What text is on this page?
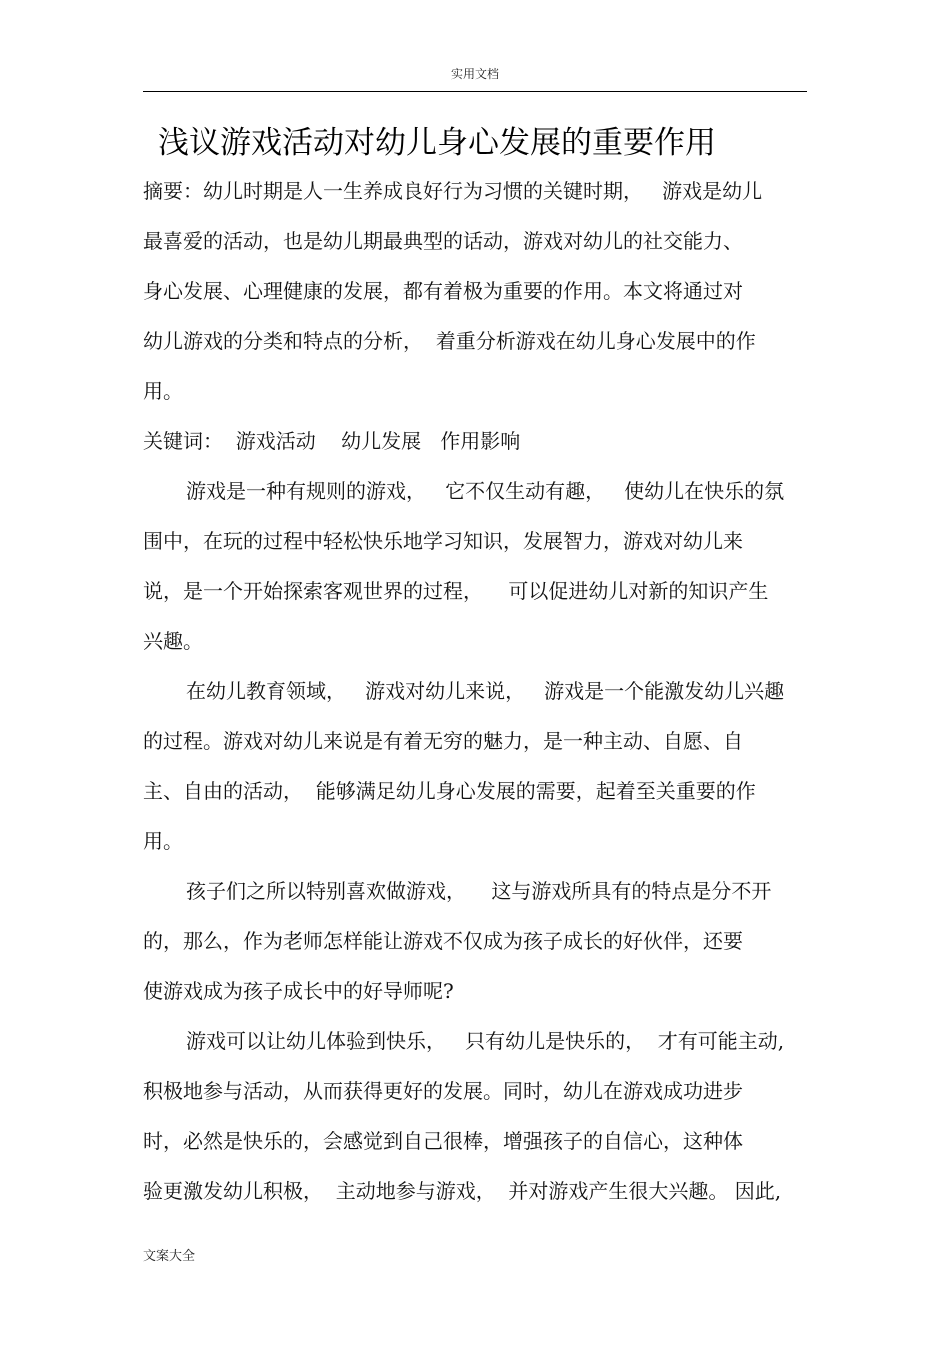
实用文档
浅议游戏活动对幼儿身心发展的重要作用
摘要：幼儿时期是人一生养成良好行为习惯的关键时期，   游戏是幼儿
最喜爱的活动，也是幼儿期最典型的话动，游戏对幼儿的社交能力、
身心发展、心理健康的发展，都有着极为重要的作用。本文将通过对
幼儿游戏的分类和特点的分析，  着重分析游戏在幼儿身心发展中的作
用。
关键词：  游戏活动    幼儿发展   作用影响
游戏是一种有规则的游戏，   它不仅生动有趣，   使幼儿在快乐的氛
围中，在玩的过程中轻松快乐地学习知识，发展智力，游戏对幼儿来
说，是一个开始探索客观世界的过程，    可以促进幼儿对新的知识产生
兴趣。
在幼儿教育领域，   游戏对幼儿来说，   游戏是一个能激发幼儿兴趣
的过程。游戏对幼儿来说是有着无穷的魅力，是一种主动、自愿、自
主、自由的活动，  能够满足幼儿身心发展的需要，起着至关重要的作
用。
孩子们之所以特别喜欢做游戏，    这与游戏所具有的特点是分不开
的，那么，作为老师怎样能让游戏不仅成为孩子成长的好伙伴，还要
使游戏成为孩子成长中的好导师呢?
游戏可以让幼儿体验到快乐，   只有幼儿是快乐的，  才有可能主动,
积极地参与活动，从而获得更好的发展。同时，幼儿在游戏成功进步
时，必然是快乐的，会感觉到自己很棒，增强孩子的自信心，这种体
验更激发幼儿积极，  主动地参与游戏，  并对游戏产生很大兴趣。 因此,
文案大全
